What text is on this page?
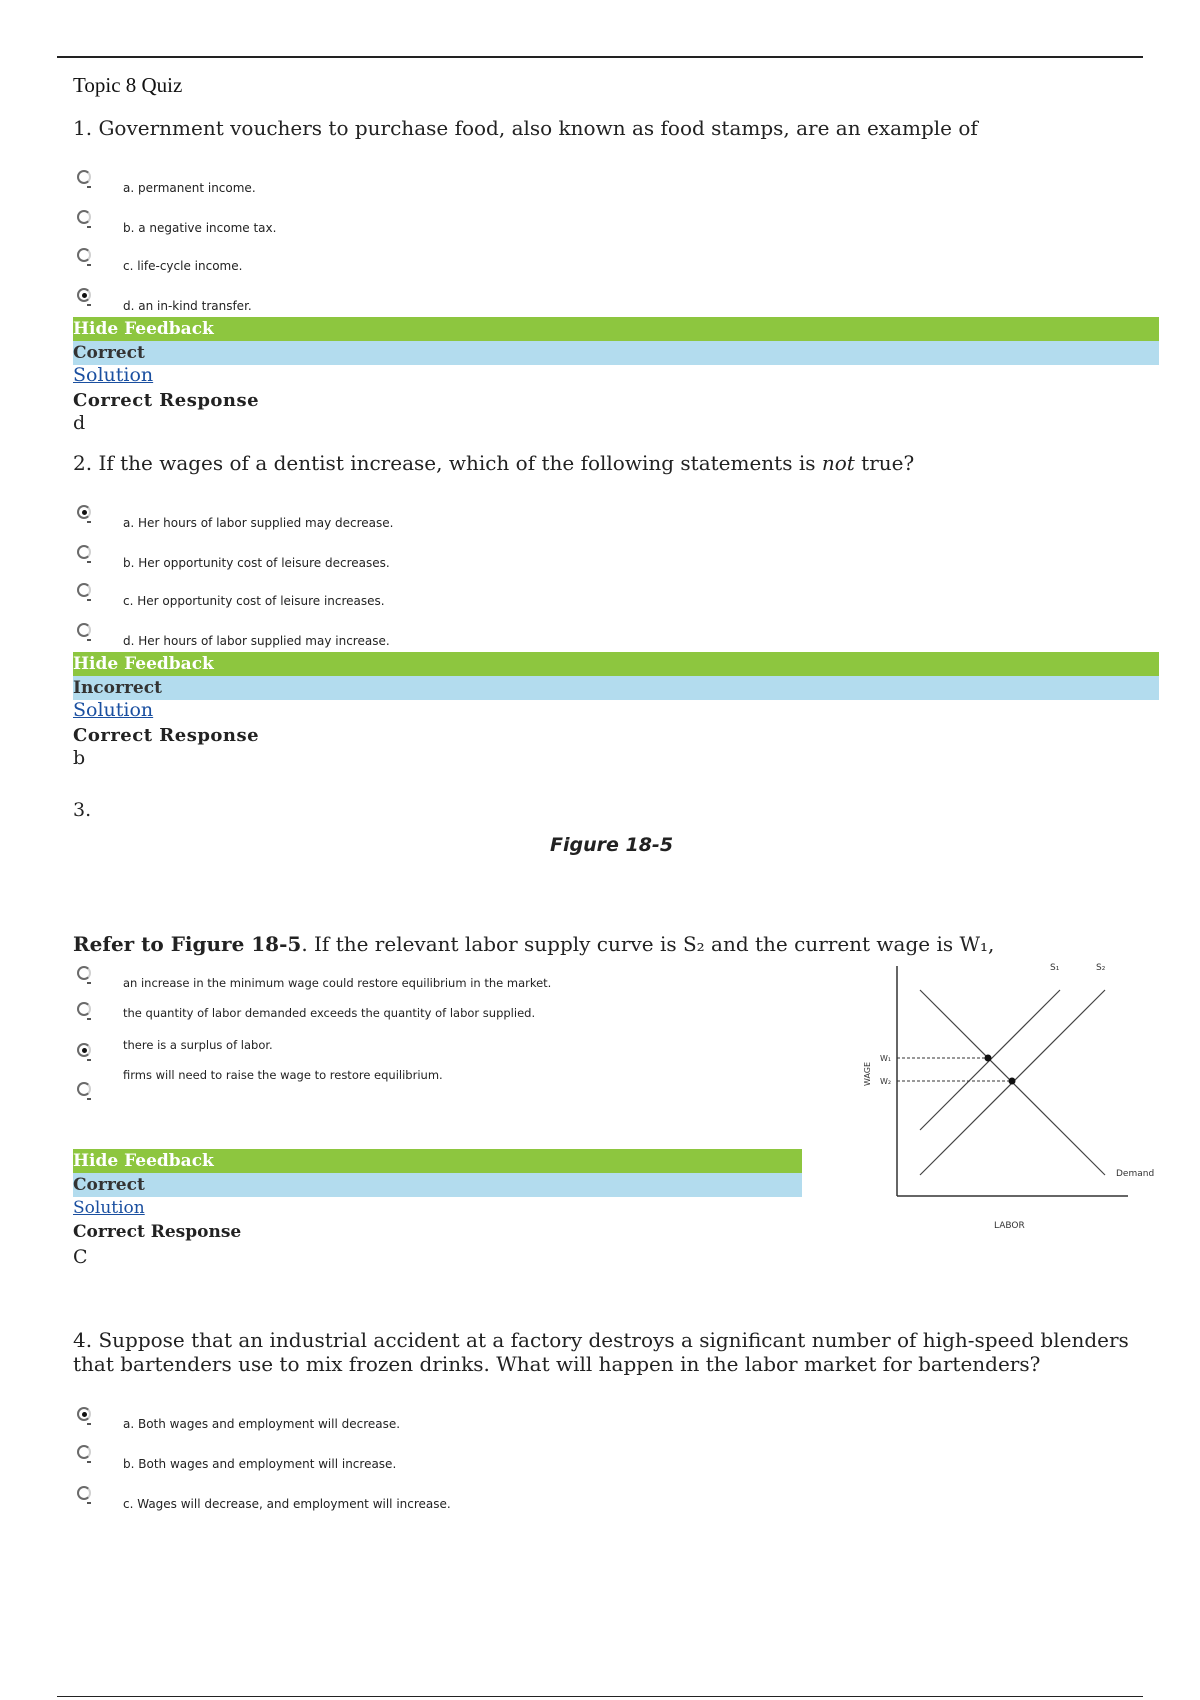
Topic 8 Quiz
1. Government vouchers to purchase food, also known as food stamps, are an example of
a. permanent income.
b. a negative income tax.
c. life-cycle income.
d. an in-kind transfer.
Hide Feedback
Correct
Solution
Correct Response
d
2. If the wages of a dentist increase, which of the following statements is not true?
a. Her hours of labor supplied may decrease.
b. Her opportunity cost of leisure decreases.
c. Her opportunity cost of leisure increases.
d. Her hours of labor supplied may increase.
Hide Feedback
Incorrect
Solution
Correct Response
b
3.
Figure 18-5
Refer to Figure 18-5. If the relevant labor supply curve is S₂ and the current wage is W₁,
an increase in the minimum wage could restore equilibrium in the market.
the quantity of labor demanded exceeds the quantity of labor supplied.
there is a surplus of labor.
firms will need to raise the wage to restore equilibrium.
Hide Feedback
Correct
Solution
Correct Response
C
S₁	S₂
W₁
W₂
WAGE
Demand
LABOR
4. Suppose that an industrial accident at a factory destroys a significant number of high-speed blenders that bartenders use to mix frozen drinks. What will happen in the labor market for bartenders?
a. Both wages and employment will decrease.
b. Both wages and employment will increase.
c. Wages will decrease, and employment will increase.
